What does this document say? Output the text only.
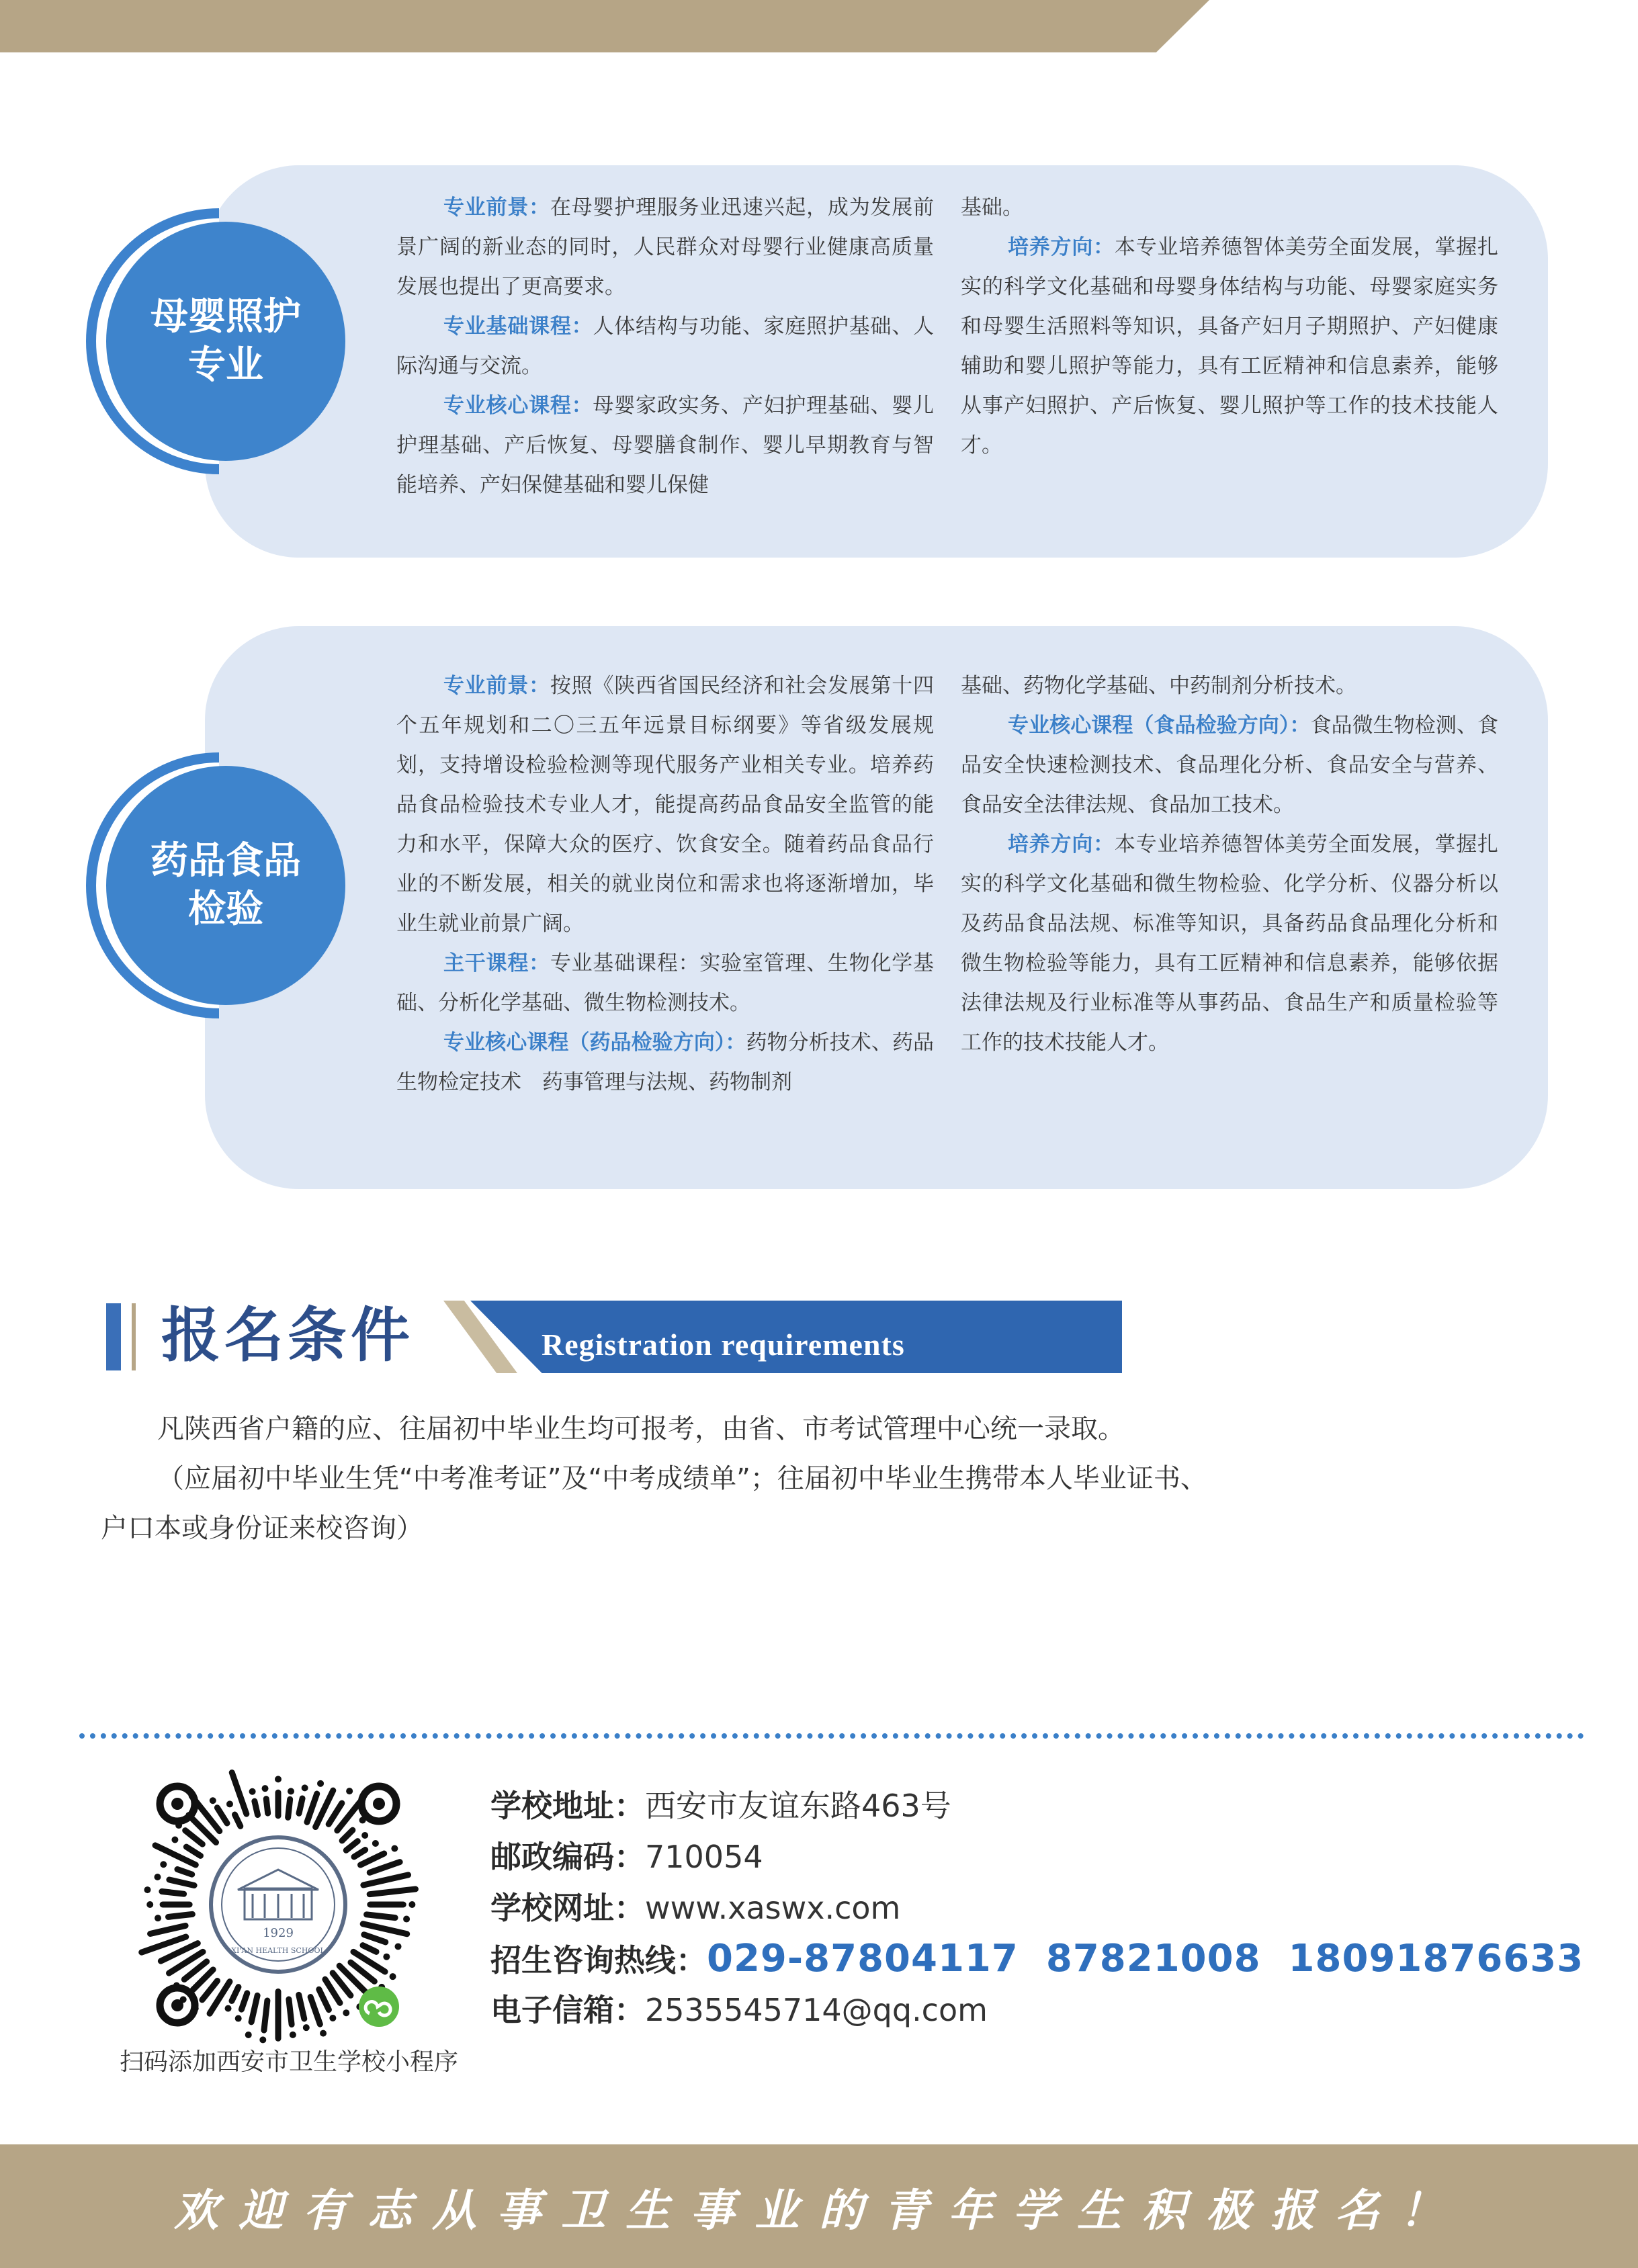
母婴照护
专业

专业前景：在母婴护理服务业迅速兴起，成为发展前景广阔的新业态的同时，人民群众对母婴行业健康高质量发展也提出了更高要求。

专业基础课程：人体结构与功能、家庭照护基础、人际沟通与交流。

专业核心课程：母婴家政实务、产妇护理基础、婴儿护理基础、产后恢复、母婴膳食制作、婴儿早期教育与智能培养、产妇保健基础和婴儿保健

基础。

培养方向：本专业培养德智体美劳全面发展，掌握扎实的科学文化基础和母婴身体结构与功能、母婴家庭实务和母婴生活照料等知识，具备产妇月子期照护、产妇健康辅助和婴儿照护等能力，具有工匠精神和信息素养，能够从事产妇照护、产后恢复、婴儿照护等工作的技术技能人才。

药品食品
检验

专业前景：按照《陕西省国民经济和社会发展第十四个五年规划和二〇三五年远景目标纲要》等省级发展规划，支持增设检验检测等现代服务产业相关专业。培养药品食品检验技术专业人才，能提高药品食品安全监管的能力和水平，保障大众的医疗、饮食安全。随着药品食品行业的不断发展，相关的就业岗位和需求也将逐渐增加，毕业生就业前景广阔。

主干课程：专业基础课程：实验室管理、生物化学基础、分析化学基础、微生物检测技术。

专业核心课程（药品检验方向）：药物分析技术、药品生物检定技术　药事管理与法规、药物制剂

基础、药物化学基础、中药制剂分析技术。

专业核心课程（食品检验方向）：食品微生物检测、食品安全快速检测技术、食品理化分析、食品安全与营养、食品安全法律法规、食品加工技术。

培养方向：本专业培养德智体美劳全面发展，掌握扎实的科学文化基础和微生物检验、化学分析、仪器分析以及药品食品法规、标准等知识，具备药品食品理化分析和微生物检验等能力，具有工匠精神和信息素养，能够依据法律法规及行业标准等从事药品、食品生产和质量检验等工作的技术技能人才。

报名条件	Registration requirements

凡陕西省户籍的应、往届初中毕业生均可报考，由省、市考试管理中心统一录取。

（应届初中毕业生凭“中考准考证”及“中考成绩单”；往届初中毕业生携带本人毕业证书、

户口本或身份证来校咨询）

1929
XI'AN HEALTH SCHOOL
扫码添加西安市卫生学校小程序
学校地址：西安市友谊东路463号
邮政编码：710054
学校网址：www.xaswx.com
招生咨询热线：029-87804117  87821008  18091876633
电子信箱：2535545714@qq.com
欢迎有志从事卫生事业的青年学生积极报名！
